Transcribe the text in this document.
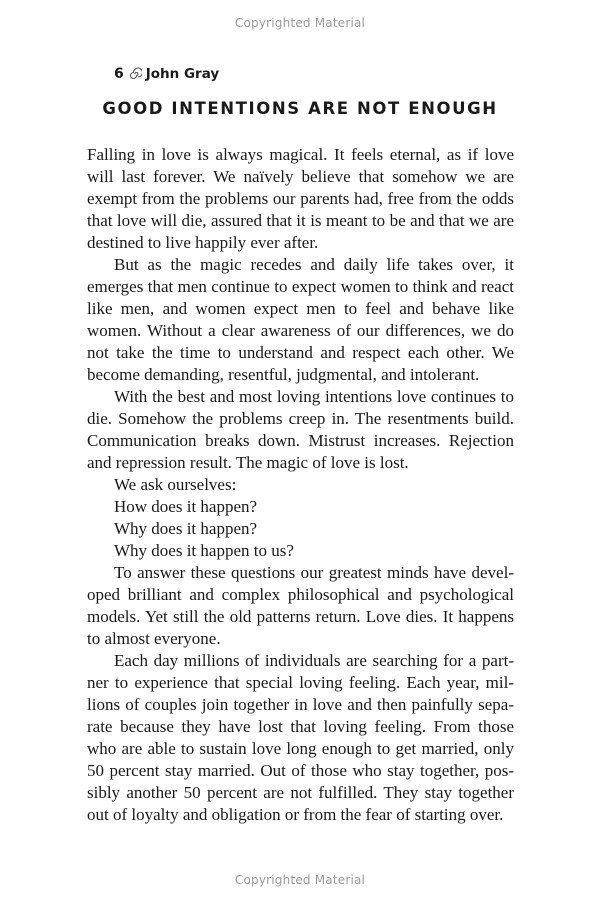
Copyrighted Material
6 John Gray
GOOD INTENTIONS ARE NOT ENOUGH

Falling in love is always magical. It feels eternal, as if love will last forever. We naïvely believe that somehow we are exempt from the problems our parents had, free from the odds that love will die, assured that it is meant to be and that we are destined to live happily ever after.

But as the magic recedes and daily life takes over, it emerges that men continue to expect women to think and react like men, and women expect men to feel and behave like women. Without a clear awareness of our differences, we do not take the time to understand and respect each other. We become demanding, resentful, judgmental, and intolerant.

With the best and most loving intentions love continues to die. Somehow the problems creep in. The resentments build. Communication breaks down. Mistrust increases. Rejection and repression result. The magic of love is lost.

We ask ourselves:

How does it happen?

Why does it happen?

Why does it happen to us?

To answer these questions our greatest minds have developed brilliant and complex philosophical and psychological models. Yet still the old patterns return. Love dies. It happens to almost everyone.

Each day millions of individuals are searching for a partner to experience that special loving feeling. Each year, millions of couples join together in love and then painfully separate because they have lost that loving feeling. From those who are able to sustain love long enough to get married, only 50 percent stay married. Out of those who stay together, possibly another 50 percent are not fulfilled. They stay together out of loyalty and obligation or from the fear of starting over.

Copyrighted Material
